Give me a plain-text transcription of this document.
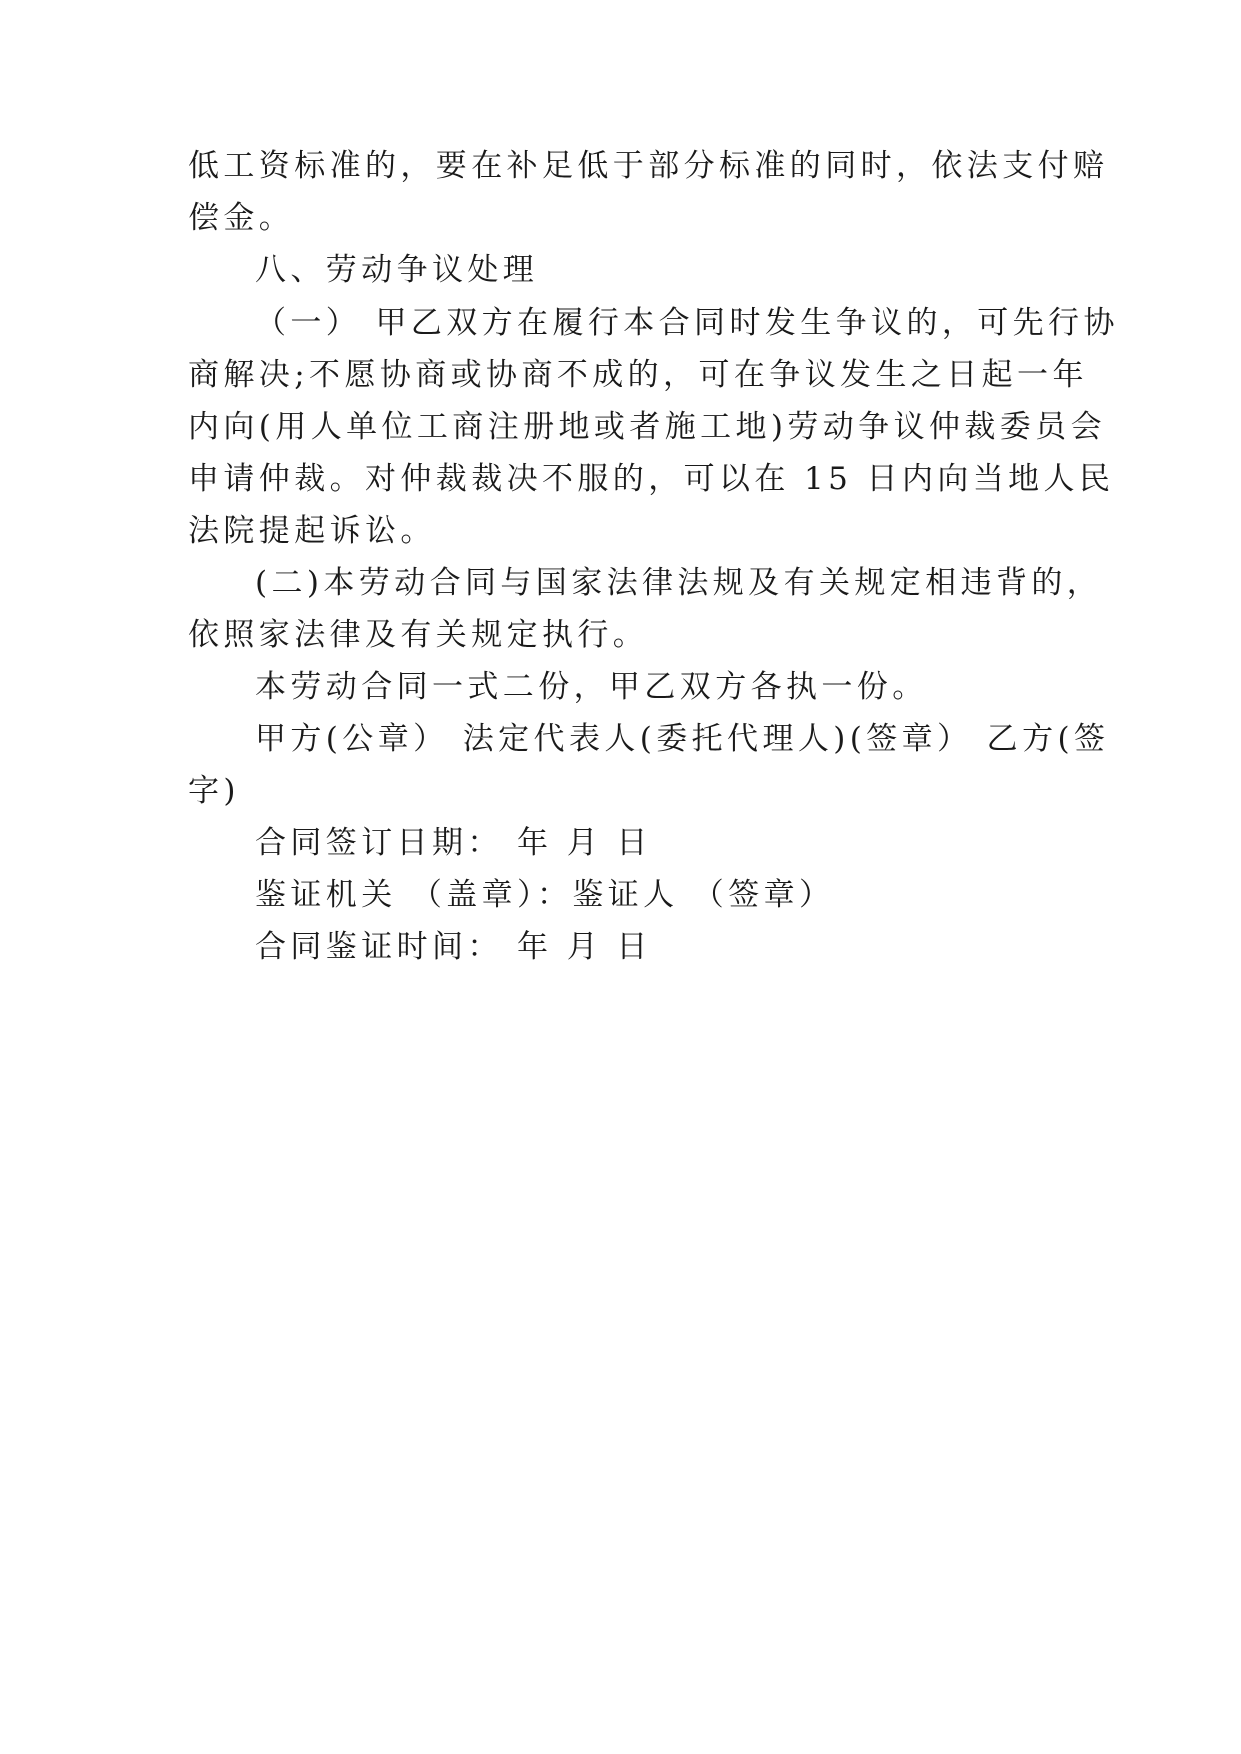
低工资标准的，要在补足低于部分标准的同时，依法支付赔
偿金。
八、劳动争议处理
（一） 甲乙双方在履行本合同时发生争议的，可先行协
商解决;不愿协商或协商不成的，可在争议发生之日起一年
内向(用人单位工商注册地或者施工地)劳动争议仲裁委员会
申请仲裁。对仲裁裁决不服的，可以在 15 日内向当地人民
法院提起诉讼。
(二)本劳动合同与国家法律法规及有关规定相违背的，
依照家法律及有关规定执行。
本劳动合同一式二份，甲乙双方各执一份。
甲方(公章） 法定代表人(委托代理人)(签章） 乙方(签
字)
合同签订日期： 年 月 日
鉴证机关 （盖章）：鉴证人 （签章）
合同鉴证时间： 年 月 日
